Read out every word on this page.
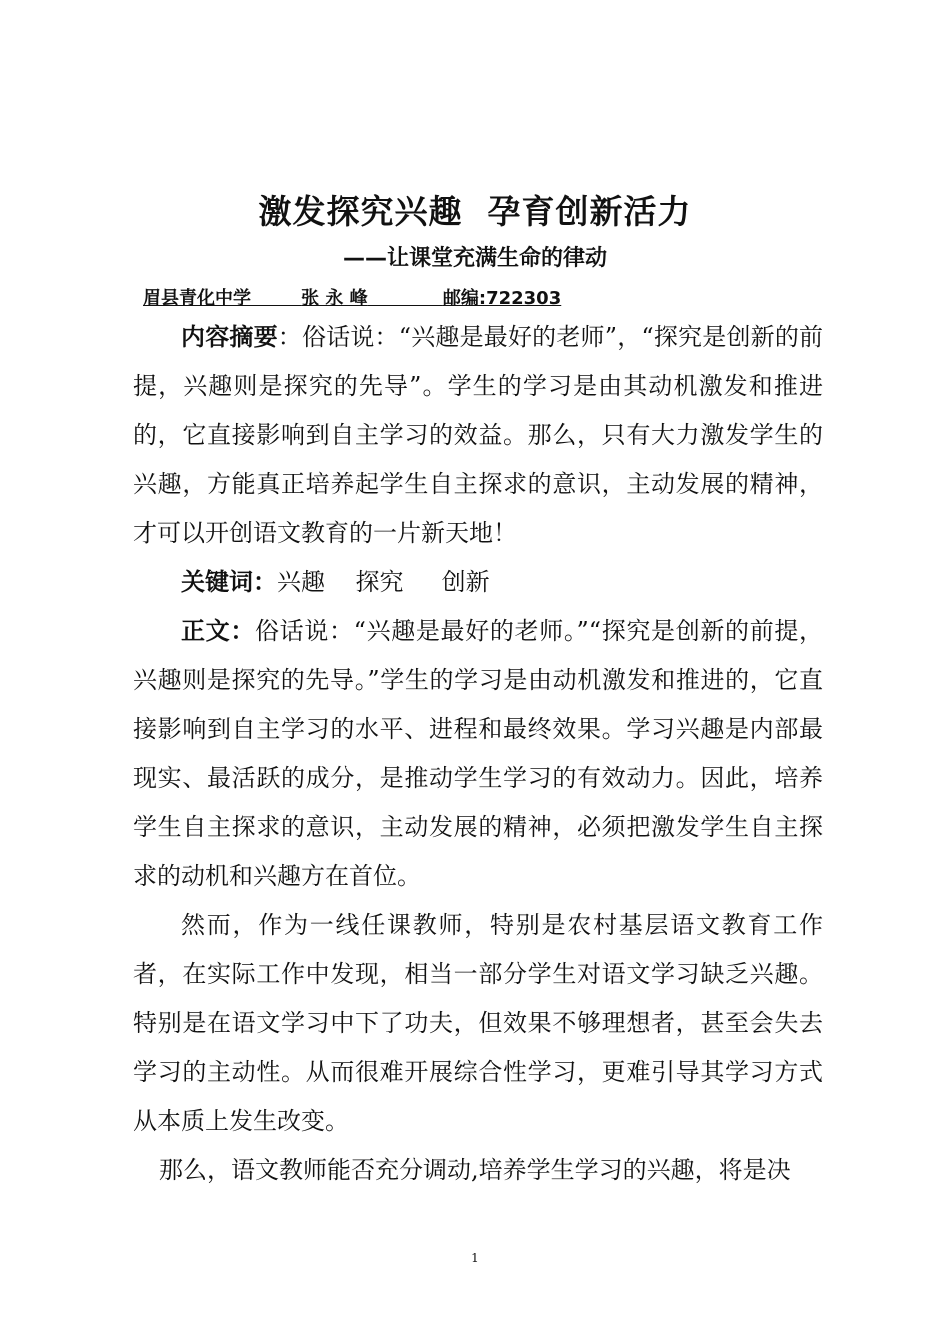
激发探究兴趣  孕育创新活力
——让课堂充满生命的律动
眉县青化中学	张 永 峰	邮编:722303

内容摘要：俗话说：“兴趣是最好的老师”，“探究是创新的前提，兴趣则是探究的先导”。学生的学习是由其动机激发和推进的，它直接影响到自主学习的效益。那么，只有大力激发学生的兴趣，方能真正培养起学生自主探求的意识，主动发展的精神，才可以开创语文教育的一片新天地！

关键词：兴趣 探究 创新

正文：俗话说：“兴趣是最好的老师。”“探究是创新的前提，兴趣则是探究的先导。”学生的学习是由动机激发和推进的，它直接影响到自主学习的水平、进程和最终效果。学习兴趣是内部最现实、最活跃的成分，是推动学生学习的有效动力。因此，培养学生自主探求的意识，主动发展的精神，必须把激发学生自主探求的动机和兴趣方在首位。

然而，作为一线任课教师，特别是农村基层语文教育工作者，在实际工作中发现，相当一部分学生对语文学习缺乏兴趣。特别是在语文学习中下了功夫，但效果不够理想者，甚至会失去学习的主动性。从而很难开展综合性学习，更难引导其学习方式从本质上发生改变。

那么，语文教师能否充分调动,培养学生学习的兴趣，将是决

1
